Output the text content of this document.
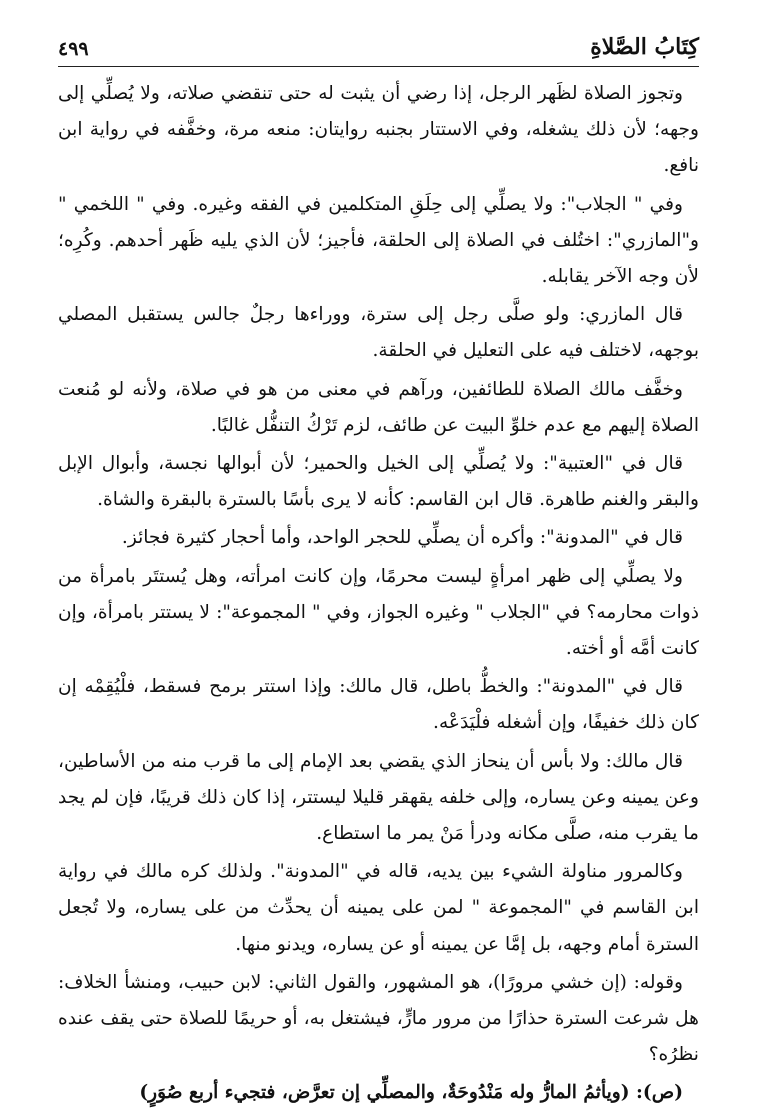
كِتَابُ الصَّلاةِ
٤٩٩

وتجوز الصلاة لظَهر الرجل، إذا رضي أن يثبت له حتى تنقضي صلاته، ولا يُصلِّي إلى وجهه؛ لأن ذلك يشغله، وفي الاستتار بجنبه روايتان: منعه مرة، وخفَّفه في رواية ابن نافع.

وفي " الجلاب": ولا يصلِّي إلى حِلَقِ المتكلمين في الفقه وغيره. وفي " اللخمي " و"المازري": اختُلف في الصلاة إلى الحلقة، فأجيز؛ لأن الذي يليه ظَهر أحدهم. وكُرِه؛ لأن وجه الآخر يقابله.

قال المازري: ولو صلَّى رجل إلى سترة، ووراءها رجلٌ جالس يستقبل المصلي بوجهه، لاختلف فيه على التعليل في الحلقة.

وخفَّف مالك الصلاة للطائفين، ورآهم في معنى من هو في صلاة، ولأنه لو مُنعت الصلاة إليهم مع عدم خلوِّ البيت عن طائف، لزم تَرْكُ التنفُّل غالبًا.

قال في "العتبية": ولا يُصلِّي إلى الخيل والحمير؛ لأن أبوالها نجسة، وأبوال الإبل والبقر والغنم طاهرة. قال ابن القاسم: كأنه لا يرى بأسًا بالسترة بالبقرة والشاة.

قال في "المدونة": وأكره أن يصلِّي للحجر الواحد، وأما أحجار كثيرة فجائز.

ولا يصلِّي إلى ظهر امرأةٍ ليست محرمًا، وإن كانت امرأته، وهل يُستتَر بامرأة من ذوات محارمه؟ في "الجلاب " وغيره الجواز، وفي " المجموعة": لا يستتر بامرأة، وإن كانت أمَّه أو أخته.

قال في "المدونة": والخطُّ باطل، قال مالك: وإذا استتر برمح فسقط، فلْيُقِمْه إن كان ذلك خفيفًا، وإن أشغله فلْيَدَعْه.

قال مالك: ولا بأس أن ينحاز الذي يقضي بعد الإمام إلى ما قرب منه من الأساطين، وعن يمينه وعن يساره، وإلى خلفه يقهقر قليلا ليستتر، إذا كان ذلك قريبًا، فإن لم يجد ما يقرب منه، صلَّى مكانه ودرأ مَنْ يمر ما استطاع.

وكالمرور مناولة الشيء بين يديه، قاله في "المدونة". ولذلك كره مالك في رواية ابن القاسم في "المجموعة " لمن على يمينه أن يحدِّث من على يساره، ولا تُجعل السترة أمام وجهه، بل إمَّا عن يمينه أو عن يساره، ويدنو منها.

وقوله: (إن خشي مرورًا)، هو المشهور، والقول الثاني: لابن حبيب، ومنشأ الخلاف: هل شرعت السترة حذارًا من مرور مارٍّ، فيشتغل به، أو حريمًا للصلاة حتى يقف عنده نظرُه؟

(ص): (ويأثمُ المارُّ وله مَنْدُوحَةٌ، والمصلِّي إن تعرَّض، فتجيء أربع صُوَرٍ)
